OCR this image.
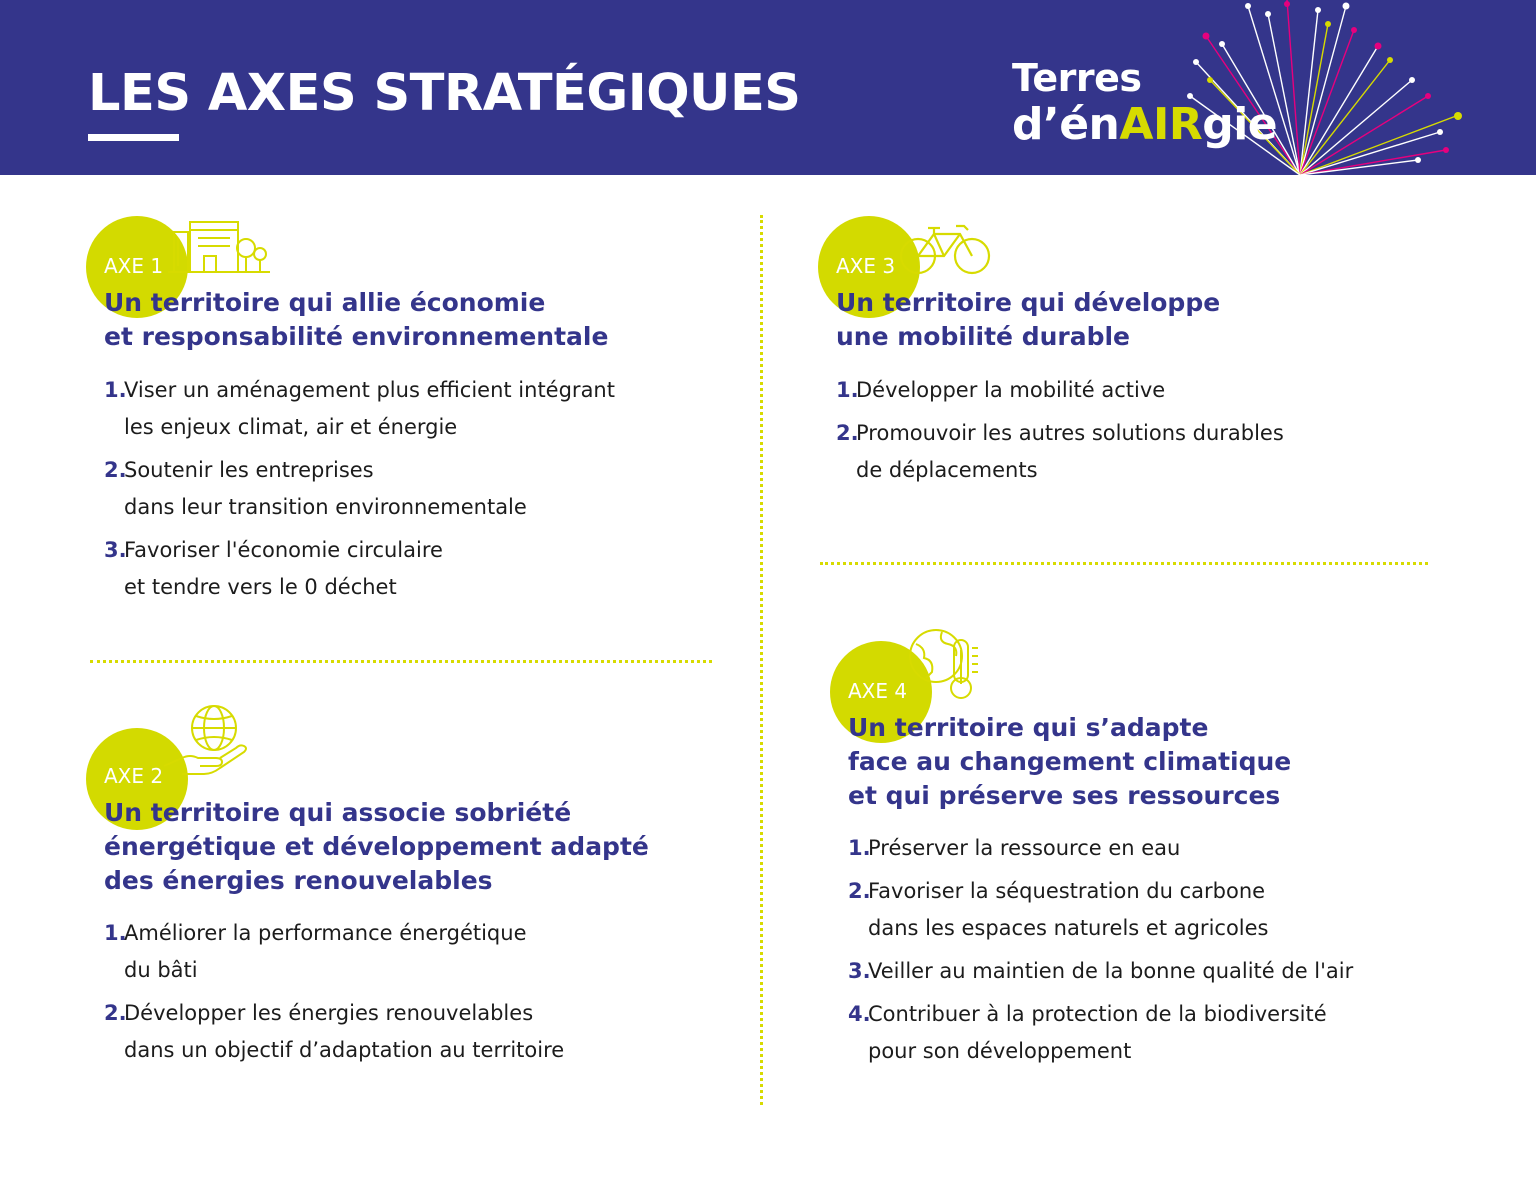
LES AXES STRATÉGIQUES	Terres
d’énAIRgie
AXE 1
Un territoire qui allie économie
et responsabilité environnementale
1.
Viser un aménagement plus efficient intégrant
les enjeux climat, air et énergie
2.
Soutenir les entreprises
dans leur transition environnementale
3.
Favoriser l'économie circulaire
et tendre vers le 0 déchet
AXE 2
Un territoire qui associe sobriété
énergétique et développement adapté
des énergies renouvelables
1.
Améliorer la performance énergétique
du bâti
2.
Développer les énergies renouvelables
dans un objectif d’adaptation au territoire
AXE 3
Un territoire qui développe
une mobilité durable
1.
Développer la mobilité active
2.
Promouvoir les autres solutions durables
de déplacements
AXE 4
Un territoire qui s’adapte
face au changement climatique
et qui préserve ses ressources
1.
Préserver la ressource en eau
2.
Favoriser la séquestration du carbone
dans les espaces naturels et agricoles
3.
Veiller au maintien de la bonne qualité de l'air
4.
Contribuer à la protection de la biodiversité
pour son développement
